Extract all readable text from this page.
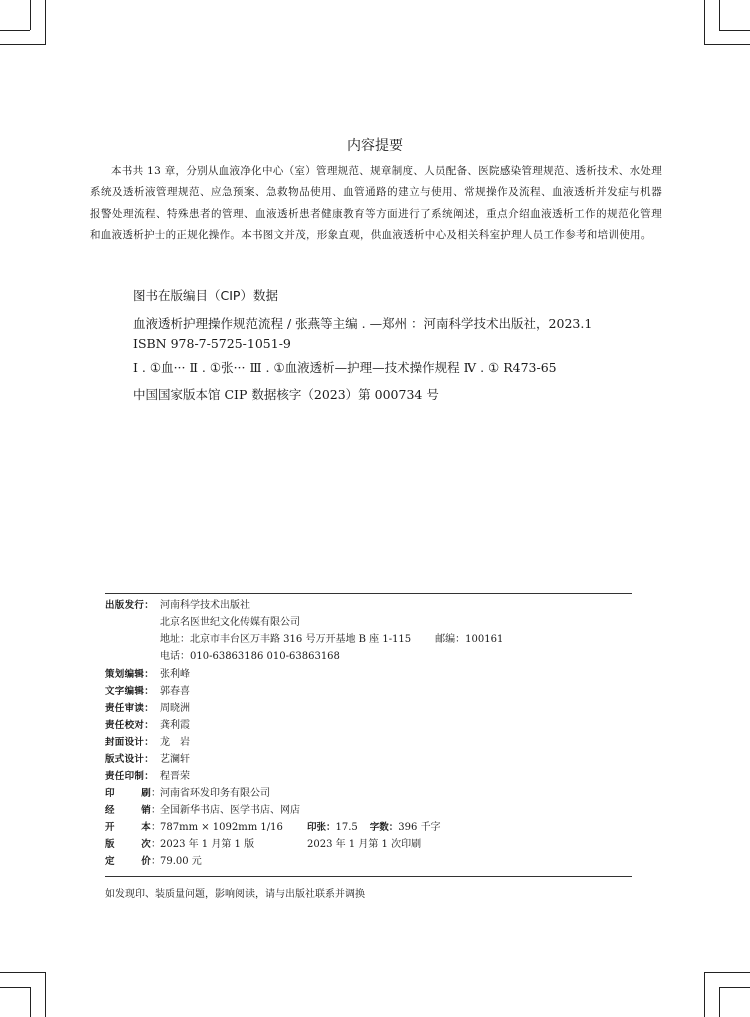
内容提要
本书共 13 章，分别从血液净化中心（室）管理规范、规章制度、人员配备、医院感染管理规范、透析技术、水处理系统及透析液管理规范、应急预案、急救物品使用、血管通路的建立与使用、常规操作及流程、血液透析并发症与机器报警处理流程、特殊患者的管理、血液透析患者健康教育等方面进行了系统阐述，重点介绍血液透析工作的规范化管理和血液透析护士的正规化操作。本书图文并茂，形象直观，供血液透析中心及相关科室护理人员工作参考和培训使用。
图书在版编目（CIP）数据
血液透析护理操作规范流程 / 张燕等主编 . —郑州 ：河南科学技术出版社，2023.1
ISBN 978-7-5725-1051-9
Ⅰ . ①血··· Ⅱ . ①张··· Ⅲ . ①血液透析—护理—技术操作规程 Ⅳ . ① R473-65
中国国家版本馆 CIP 数据核字（2023）第 000734 号
出版发行： 河南科学技术出版社
北京名医世纪文化传媒有限公司
地址：北京市丰台区万丰路 316 号万开基地 B 座 1-115 邮编：100161
电话：010-63863186 010-63863168
策划编辑： 张利峰
文字编辑： 郭春喜
责任审读： 周晓洲
责任校对： 龚利霞
封面设计： 龙　岩
版式设计： 艺澜轩
责任印制： 程晋荣
印刷 ： 河南省环发印务有限公司
经销 ： 全国新华书店、医学书店、网店
开本 ： 787mm × 1092mm 1/16	印张：17.5 字数：396 千字
版次 ： 2023 年 1 月第 1 版	2023 年 1 月第 1 次印刷
定价 ： 79.00 元
如发现印、装质量问题，影响阅读，请与出版社联系并调换
